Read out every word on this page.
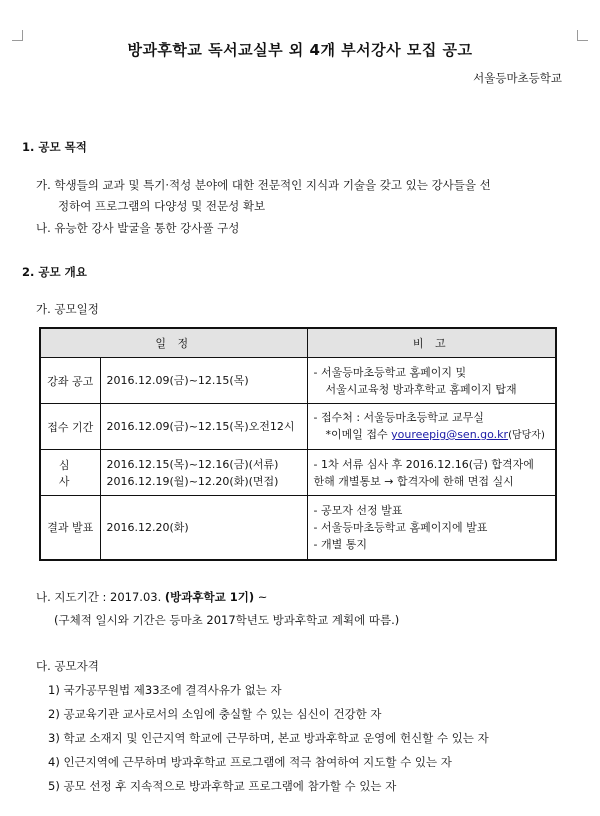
방과후학교 독서교실부 외 4개 부서강사 모집 공고
서울등마초등학교
1. 공모 목적
가. 학생들의 교과 및 특기·적성 분야에 대한 전문적인 지식과 기술을 갖고 있는 강사들을 선
정하여 프로그램의 다양성 및 전문성 확보
나. 유능한 강사 발굴을 통한 강사풀 구성
2. 공모 개요
가. 공모일정
일 정		비 고
강좌 공고	2016.12.09(금)~12.15(목)	- 서울등마초등학교 홈페이지 및
서울시교육청 방과후학교 홈페이지 탑재

접수 기간	2016.12.09(금)~12.15(목)오전12시	- 접수처 : 서울등마초등학교 교무실
*이메일 접수 youreepig@sen.go.kr(담당자)

심 사	2016.12.15(목)~12.16(금)(서류)
2016.12.19(월)~12.20(화)(면접)	- 1차 서류 심사 후 2016.12.16(금) 합격자에
한해 개별통보 → 합격자에 한해 면접 실시

결과 발표	2016.12.20(화)	- 공모자 선정 발표
- 서울등마초등학교 홈페이지에 발표
- 개별 통지
나. 지도기간 : 2017.03. (방과후학교 1기) ~
(구체적 일시와 기간은 등마초 2017학년도 방과후학교 계획에 따름.)
다. 공모자격
1) 국가공무원법 제33조에 결격사유가 없는 자
2) 공교육기관 교사로서의 소임에 충실할 수 있는 심신이 건강한 자
3) 학교 소재지 및 인근지역 학교에 근무하며, 본교 방과후학교 운영에 헌신할 수 있는 자
4) 인근지역에 근무하며 방과후학교 프로그램에 적극 참여하여 지도할 수 있는 자
5) 공모 선정 후 지속적으로 방과후학교 프로그램에 참가할 수 있는 자
